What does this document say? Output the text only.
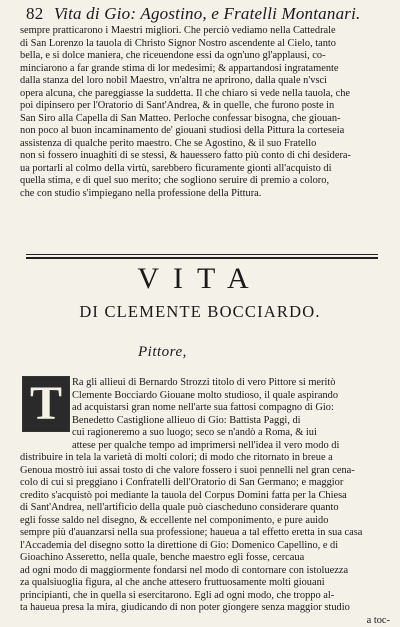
82 Vita di Gio: Agostino, e Fratelli Montanari.
sempre pratticarono i Maestri migliori. Che perciò vediamo nella Cattedrale
di San Lorenzo la tauola di Christo Signor Nostro ascendente al Cielo, tanto
bella, e si dolce maniera, che riceuendone essi da ogn'uno gl'applausi, co-
minciarono a far grande stima di lor medesimi; & appartandosi ingratamente
dalla stanza del loro nobil Maestro, vn'altra ne aprirono, dalla quale n'vscì
opera alcuna, che pareggiasse la suddetta. Il che chiaro si vede nella tauola, che
poi dipinsero per l'Oratorio di Sant'Andrea, & in quelle, che furono poste in
San Siro alla Capella di San Matteo. Perloche confessar bisogna, che giouan-
non poco al buon incaminamento de' giouani studiosi della Pittura la corteseia
assistenza di qualche perito maestro. Che se Agostino, & il suo Fratello
non si fossero inuaghiti di se stessi, & hauessero fatto più conto di chi desidera-
ua portarli al colmo della virtù, sarebbero ficuramente gionti all'acquisto di
quella stima, e di quel suo merito; che sogliono seruire di premio a coloro,
che con studio s'impiegano nella professione della Pittura.
VITA
DI CLEMENTE BOCCIARDO.
Pittore,
T Ra gli allieui di Bernardo Strozzi titolo di vero Pittore si meritò
Clemente Bocciardo Giouane molto studioso, il quale aspirando
ad acquistarsi gran nome nell'arte sua fattosi compagno di Gio:
Benedetto Castiglione allieuo di Gio: Battista Paggi, di
cui ragioneremo a suo luogo; seco se n'andò a Roma, & iui
attese per qualche tempo ad imprimersi nell'idea il vero modo di
distribuire in tela la varietà di molti colori; di modo che ritornato in breue a
Genoua mostrò iui assai tosto di che valore fossero i suoi pennelli nel gran cena-
colo di cui si preggiano i Confratelli dell'Oratorio di San Germano; e maggior
credito s'acquistò poi mediante la tauola del Corpus Domini fatta per la Chiesa
di Sant'Andrea, nell'artificio della quale può ciascheduno considerare quanto
egli fosse saldo nel disegno, & eccellente nel componimento, e pure auido
sempre più d'auanzarsi nella sua professione; haueua a tal effetto eretta in sua casa
l'Accademia del disegno sotto la direttione di Gio: Domenico Capellino, e di
Gioachino Asseretto, nella quale, benche maestro egli fosse, cercaua
ad ogni modo di maggiormente fondarsi nel modo di contornare con istoluezza
za qualsiuoglia figura, al che anche attesero fruttuosamente molti giouani
principianti, che in quella si esercitarono. Egli ad ogni modo, che troppo al-
ta haueua presa la mira, giudicando di non poter giongere senza maggior studio
a toc-
